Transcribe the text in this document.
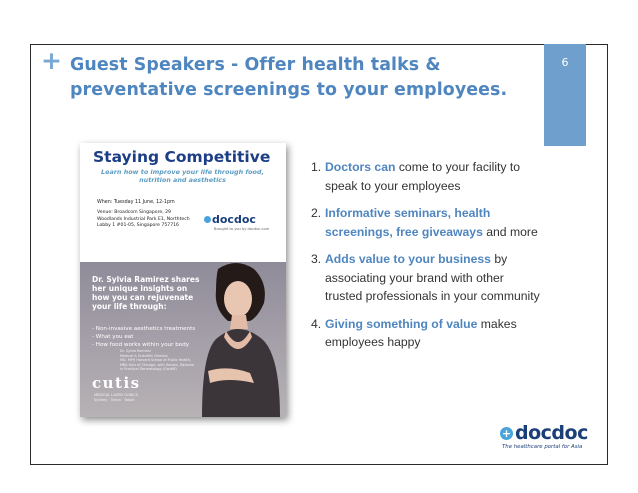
6
+ Guest Speakers - Offer health talks & preventative screenings to your employees.
Staying Competitive
Learn how to improve your life through food, nutrition and aesthetics
When: Tuesday 11 June, 12-1pm
Venue: Broadcom Singapore, 29 Woodlands Industrial Park E1, Northtech Lobby 1 #01-05, Singapore 757716	docdoc
Brought to you by docdoc.com
Dr. Sylvia Ramirez shares her unique insights on how you can rejuvenate your life through:
- Non-invasive aesthetics treatments
- What you eat
- How food works within your body
Dr. Sylvia Ramirez
Medical & Scientific Director
MD, MPH Harvard School of Public Health,
MBA Univ of Chicago, with Honors, Diploma
in Practical Dermatology (Cardiff)
cutis
MEDICAL LASER CLINICS
Sydney · Tokyo · Taipei
1. Doctors can come to your facility to speak to your employees
2. Informative seminars, health screenings, free giveaways and more
3. Adds value to your business by associating your brand with other trusted professionals in your community
4. Giving something of value makes employees happy
+ docdoc
The healthcare portal for Asia
